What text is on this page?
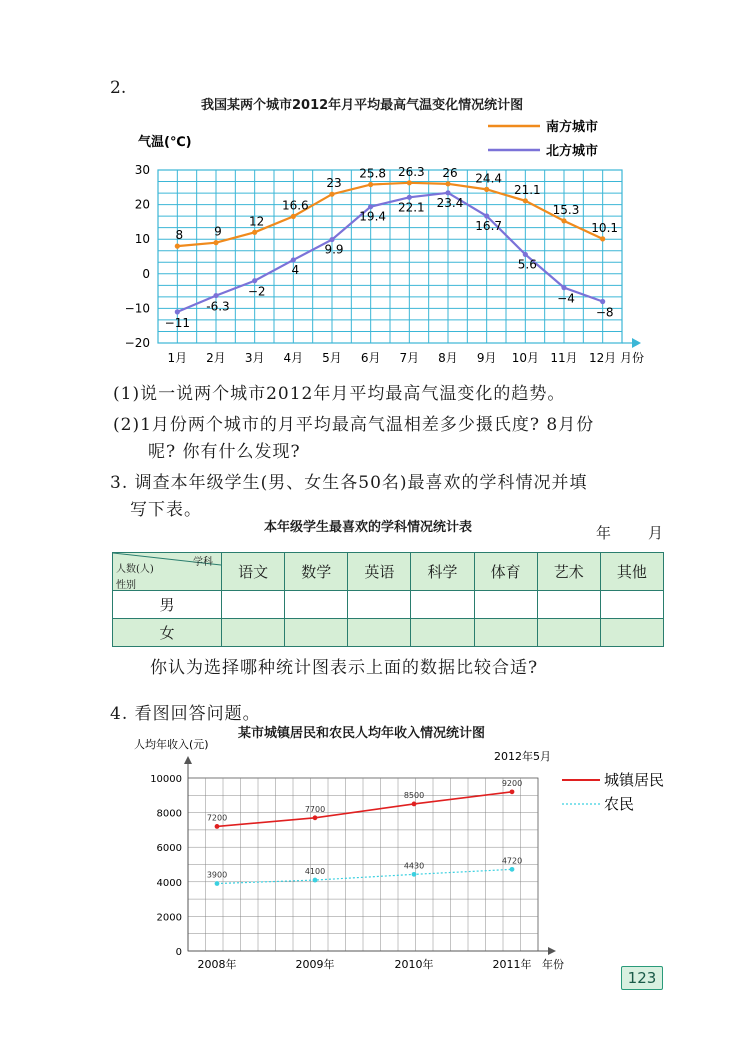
2.
我国某两个城市2012年月平均最高气温变化情况统计图
30
20
10
0
−10
−20
1月 2月 3月 4月 5月 6月 7月 8月 9月 10月 11月 12月 月份
气温(℃)
8	9
12
16.6
23
25.8 26.3 26 24.4
21.1
15.3
10.1
南方城市
−11
-6.3
−2
4
9.9
19.4
22.1 23.4
16.7
5.6
−4
−8
北方城市
(1)说一说两个城市2012年月平均最高气温变化的趋势。
(2)1月份两个城市的月平均最高气温相差多少摄氏度? 8月份
呢? 你有什么发现?
3. 调查本年级学生(男、女生各50名)最喜欢的学科情况并填
写下表。
本年级学生最喜欢的学科情况统计表	年 月
学科
人数(人)
性别	语文	数学	英语	科学	体育	艺术	其他
男							
女							
你认为选择哪种统计图表示上面的数据比较合适?
4. 看图回答问题。
某市城镇居民和农民人均年收入情况统计图
10000
8000
6000
4000
2000
0
2008年	2009年	2010年	2011年 年份
人均年收入(元)
2012年5月
7200
7700
8500
9200	城镇居民
3900	4100
4430
4720
农民
123
